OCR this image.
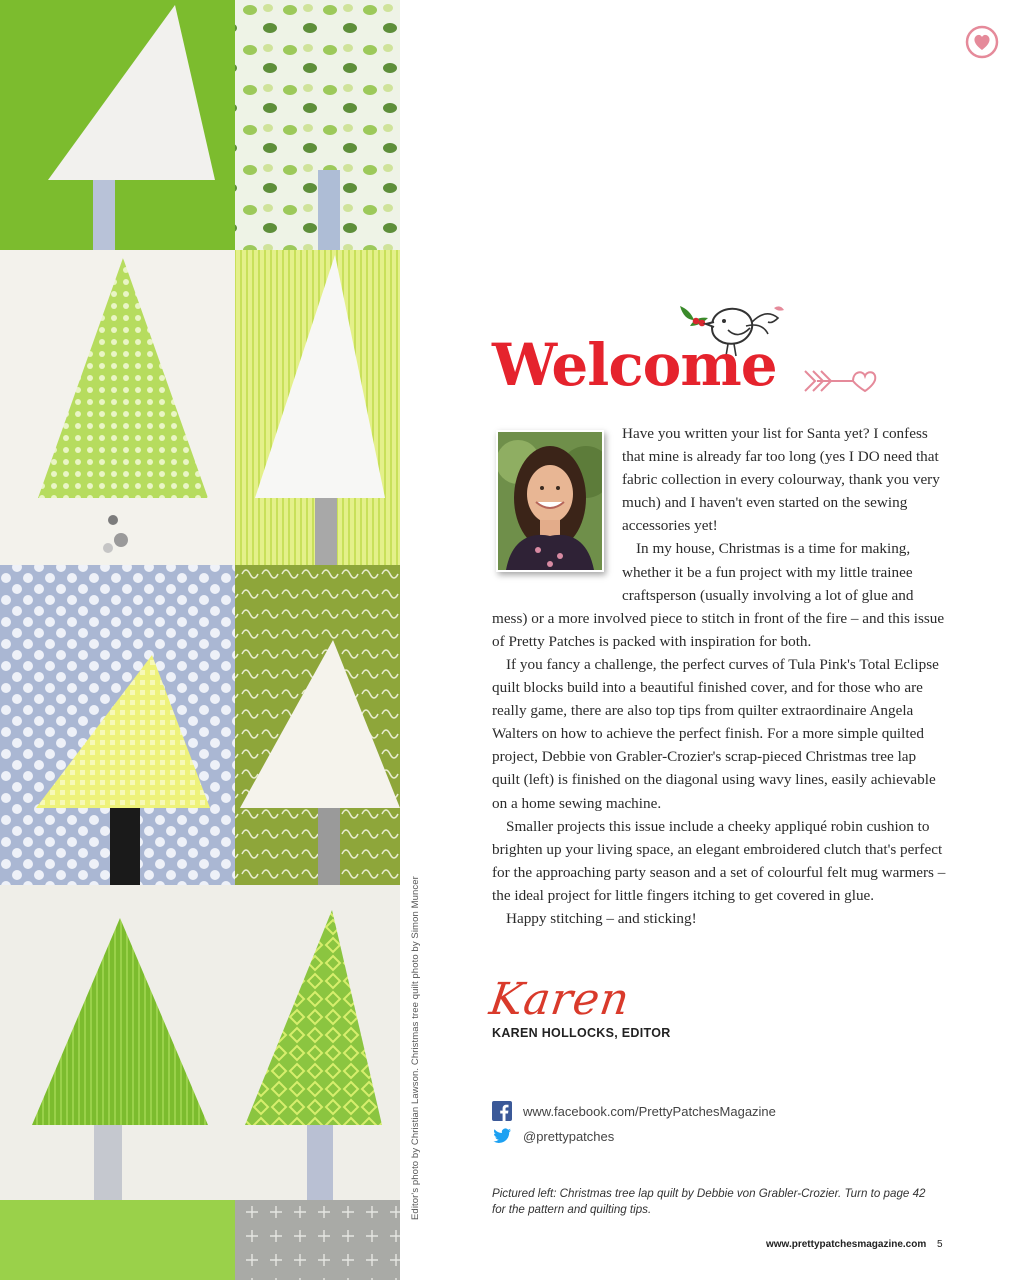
Editor's photo by Christian Lawson. Christmas tree quilt photo by Simon Muncer
Welcome

Have you written your list for Santa yet? I confess that mine is already far too long (yes I DO need that fabric collection in every colourway, thank you very much) and I haven't even started on the sewing accessories yet!

In my house, Christmas is a time for making, whether it be a fun project with my little trainee craftsperson (usually involving a lot of glue and mess) or a more involved piece to stitch in front of the fire – and this issue of Pretty Patches is packed with inspiration for both.

If you fancy a challenge, the perfect curves of Tula Pink's Total Eclipse quilt blocks build into a beautiful finished cover, and for those who are really game, there are also top tips from quilter extraordinaire Angela Walters on how to achieve the perfect finish. For a more simple quilted project, Debbie von Grabler-Crozier's scrap-pieced Christmas tree lap quilt (left) is finished on the diagonal using wavy lines, easily achievable on a home sewing machine.

Smaller projects this issue include a cheeky appliqué robin cushion to brighten up your living space, an elegant embroidered clutch that's perfect for the approaching party season and a set of colourful felt mug warmers – the ideal project for little fingers itching to get covered in glue.

Happy stitching – and sticking!

Karen
KAREN HOLLOCKS, EDITOR
www.facebook.com/PrettyPatchesMagazine
@prettypatches
Pictured left: Christmas tree lap quilt by Debbie von Grabler-Crozier. Turn to page 42 for the pattern and quilting tips.
www.prettypatchesmagazine.com 5
